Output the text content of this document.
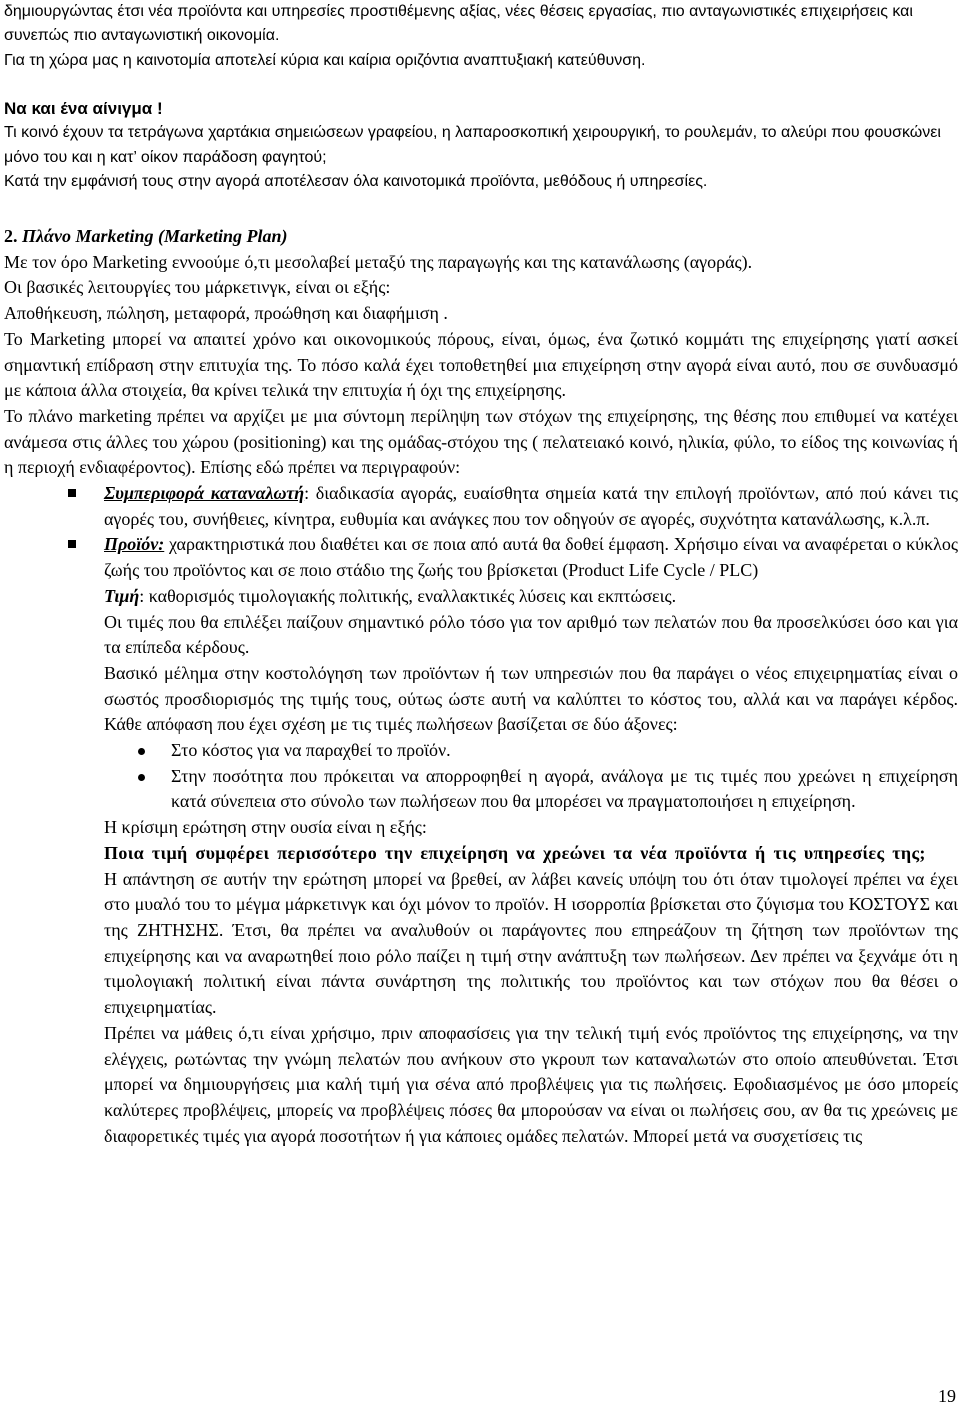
δημιουργώντας έτσι νέα προϊόντα και υπηρεσίες προστιθέμενης αξίας, νέες θέσεις εργασίας, πιο ανταγωνιστικές επιχειρήσεις και συνεπώς πιο ανταγωνιστική οικονομία.

Για τη χώρα μας η καινοτομία αποτελεί κύρια και καίρια οριζόντια αναπτυξιακή κατεύθυνση.

Να και ένα αίνιγμα !

Τι κοινό έχουν τα τετράγωνα χαρτάκια σημειώσεων γραφείου, η λαπαροσκοπική χειρουργική, το ρουλεμάν, το αλεύρι που φουσκώνει μόνο του και η κατ’ οίκον παράδοση φαγητού;

Κατά την εμφάνισή τους στην αγορά αποτέλεσαν όλα καινοτομικά προϊόντα, μεθόδους ή υπηρεσίες.

2. Πλάνο Marketing (Marketing Plan)

Με τον όρο Marketing εννοούμε ό,τι μεσολαβεί μεταξύ της παραγωγής και της κατανάλωσης (αγοράς).

Οι βασικές λειτουργίες του μάρκετινγκ, είναι οι εξής:

Αποθήκευση, πώληση, μεταφορά, προώθηση και διαφήμιση .

Το Marketing μπορεί να απαιτεί χρόνο και οικονομικούς πόρους, είναι, όμως, ένα ζωτικό κομμάτι της επιχείρησης γιατί ασκεί σημαντική επίδραση στην επιτυχία της. Το πόσο καλά έχει τοποθετηθεί μια επιχείρηση στην αγορά είναι αυτό, που σε συνδυασμό με κάποια άλλα στοιχεία, θα κρίνει τελικά την επιτυχία ή όχι της επιχείρησης.

Το πλάνο marketing πρέπει να αρχίζει με μια σύντομη περίληψη των στόχων της επιχείρησης, της θέσης που επιθυμεί να κατέχει ανάμεσα στις άλλες του χώρου (positioning) και της ομάδας-στόχου της ( πελατειακό κοινό, ηλικία, φύλο, το είδος της κοινωνίας ή η περιοχή ενδιαφέροντος). Επίσης εδώ πρέπει να περιγραφούν:

Συμπεριφορά καταναλωτή: διαδικασία αγοράς, ευαίσθητα σημεία κατά την επιλογή προϊόντων, από πού κάνει τις αγορές του, συνήθειες, κίνητρα, ευθυμία και ανάγκες που τον οδηγούν σε αγορές, συχνότητα κατανάλωσης, κ.λ.π.
Προϊόν: χαρακτηριστικά που διαθέτει και σε ποια από αυτά θα δοθεί έμφαση. Χρήσιμο είναι να αναφέρεται ο κύκλος ζωής του προϊόντος και σε ποιο στάδιο της ζωής του βρίσκεται (Product Life Cycle / PLC)

Τιμή: καθορισμός τιμολογιακής πολιτικής, εναλλακτικές λύσεις και εκπτώσεις.

Οι τιμές που θα επιλέξει παίζουν σημαντικό ρόλο τόσο για τον αριθμό των πελατών που θα προσελκύσει όσο και για τα επίπεδα κέρδους.

Βασικό μέλημα στην κοστολόγηση των προϊόντων ή των υπηρεσιών που θα παράγει ο νέος επιχειρηματίας είναι ο σωστός προσδιορισμός της τιμής τους, ούτως ώστε αυτή να καλύπτει το κόστος του, αλλά και να παράγει κέρδος. Κάθε απόφαση που έχει σχέση με τις τιμές πωλήσεων βασίζεται σε δύο άξονες:

Στο κόστος για να παραχθεί το προϊόν.
Στην ποσότητα που πρόκειται να απορροφηθεί η αγορά, ανάλογα με τις τιμές που χρεώνει η επιχείρηση κατά σύνεπεια στο σύνολο των πωλήσεων που θα μπορέσει να πραγματοποιήσει η επιχείρηση.

Η κρίσιμη ερώτηση στην ουσία είναι η εξής:

Ποια τιμή συμφέρει περισσότερο την επιχείρηση να χρεώνει τα νέα προϊόντα ή τις υπηρεσίες της;

Η απάντηση σε αυτήν την ερώτηση μπορεί να βρεθεί, αν λάβει κανείς υπόψη του ότι όταν τιμολογεί πρέπει να έχει στο μυαλό του το μέγμα μάρκετινγκ και όχι μόνον το προϊόν. Η ισορροπία βρίσκεται στο ζύγισμα του ΚΟΣΤΟΥΣ και της ΖΗΤΗΣΗΣ. Έτσι, θα πρέπει να αναλυθούν οι παράγοντες που επηρεάζουν τη ζήτηση των προϊόντων της επιχείρησης και να αναρωτηθεί ποιο ρόλο παίζει η τιμή στην ανάπτυξη των πωλήσεων. Δεν πρέπει να ξεχνάμε ότι η τιμολογιακή πολιτική είναι πάντα συνάρτηση της πολιτικής του προϊόντος και των στόχων που θα θέσει ο επιχειρηματίας.

Πρέπει να μάθεις ό,τι είναι χρήσιμο, πριν αποφασίσεις για την τελική τιμή ενός προϊόντος της επιχείρησης, να την ελέγχεις, ρωτώντας την γνώμη πελατών που ανήκουν στο γκρουπ των καταναλωτών στο οποίο απευθύνεται. Έτσι μπορεί να δημιουργήσεις μια καλή τιμή για σένα από προβλέψεις για τις πωλήσεις. Εφοδιασμένος με όσο μπορείς καλύτερες προβλέψεις, μπορείς να προβλέψεις πόσες θα μπορούσαν να είναι οι πωλήσεις σου, αν θα τις χρεώνεις με διαφορετικές τιμές για αγορά ποσοτήτων ή για κάποιες ομάδες πελατών. Μπορεί μετά να συσχετίσεις τις

19
